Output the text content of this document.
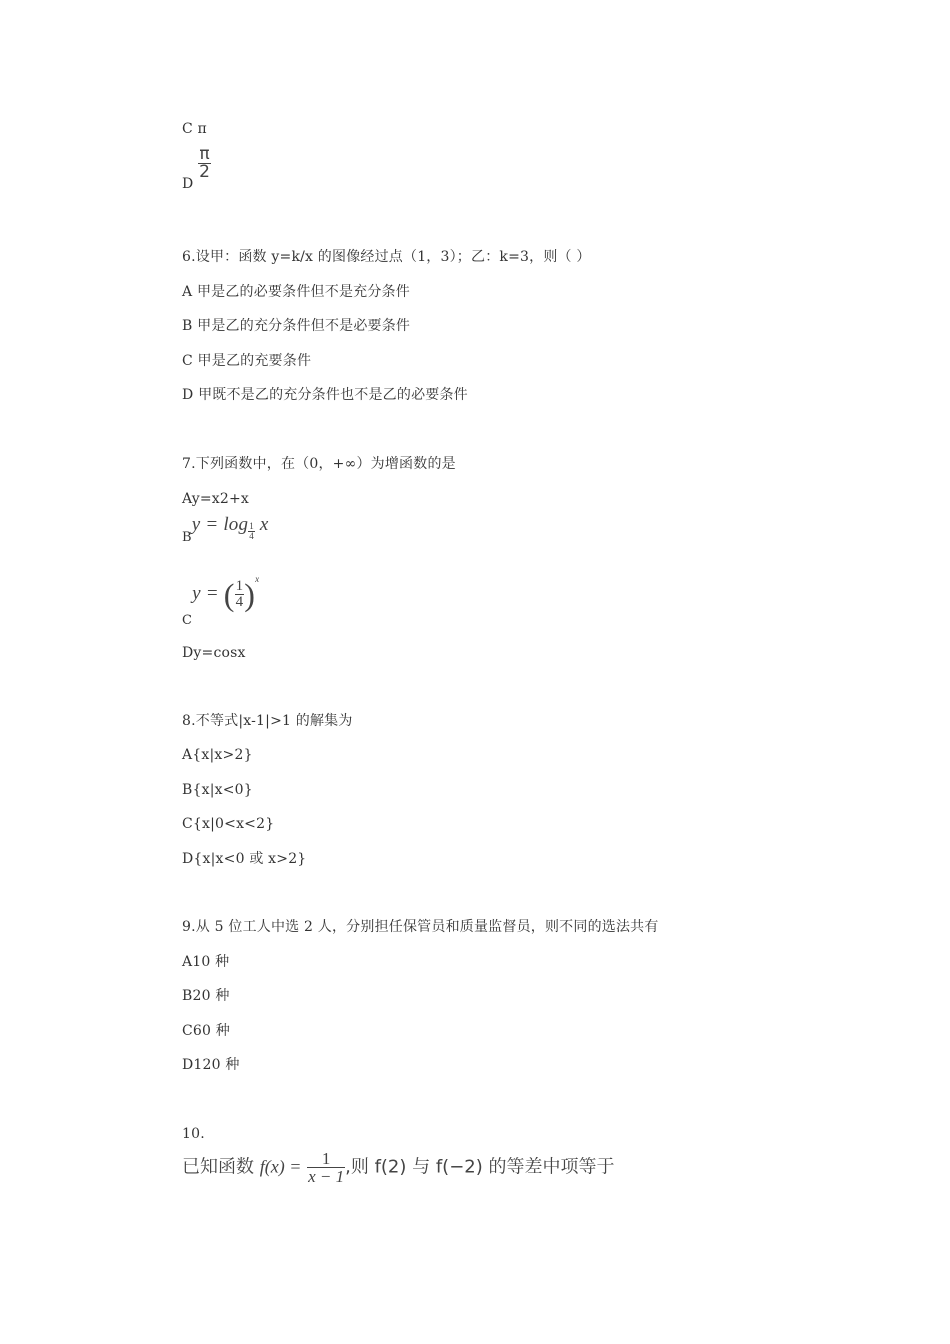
C π
D
$\frac{\pi}{2}$
6.设甲：函数 y=k/x 的图像经过点（1，3）；乙：k=3，则（ ）
A 甲是乙的必要条件但不是充分条件
B 甲是乙的充分条件但不是必要条件
C 甲是乙的充要条件
D 甲既不是乙的充分条件也不是乙的必要条件
7.下列函数中，在（0，+∞）为增函数的是
Ay=x2+x
$By = \log \frac{1}{4}$ x
Cy = ( $\frac{1}{4} )^x$
Dy=cosx
8.不等式|x-1|>1 的解集为
A{x|x>2}
B{x|x<0}
C{x|0<x<2}
D{x|x<0 或 x>2}
9.从 5 位工人中选 2 人，分别担任保管员和质量监督员，则不同的选法共有
A10 种
B20 种
C60 种
D120 种
10.
已知函数 $f(x) = \frac{1}{x - 1}$ ,则 f(2) 与 f(−2) 的等差中项等于
